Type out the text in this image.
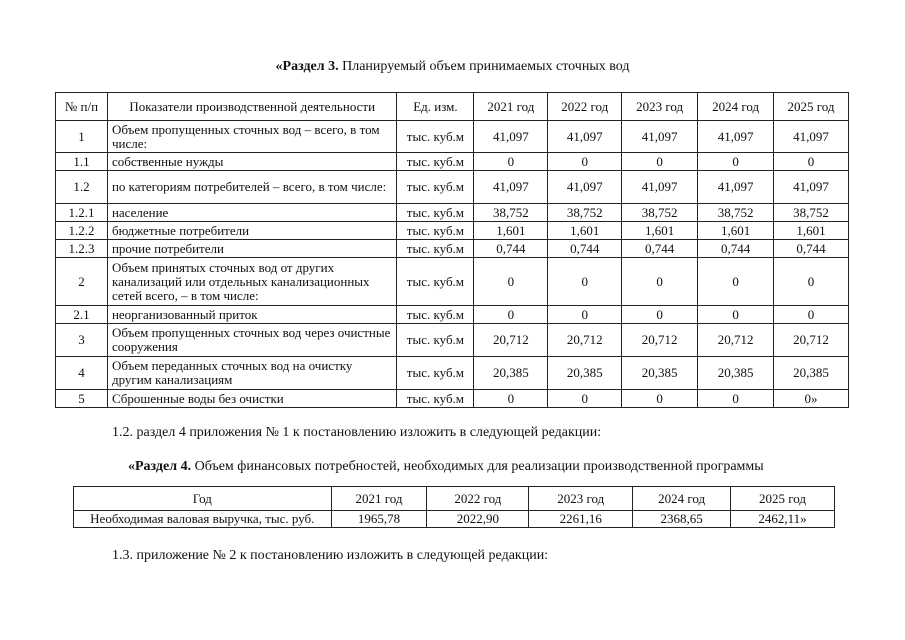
«Раздел 3. Планируемый объем принимаемых сточных вод
№ п/п	Показатели производственной деятельности	Ед. изм.	2021 год	2022 год	2023 год	2024 год	2025 год
1	Объем пропущенных сточных вод – всего, в том числе:	тыс. куб.м	41,097	41,097	41,097	41,097	41,097
1.1	собственные нужды	тыс. куб.м	0	0	0	0	0
1.2	по категориям потребителей – всего, в том числе:	тыс. куб.м	41,097	41,097	41,097	41,097	41,097
1.2.1	население	тыс. куб.м	38,752	38,752	38,752	38,752	38,752
1.2.2	бюджетные потребители	тыс. куб.м	1,601	1,601	1,601	1,601	1,601
1.2.3	прочие потребители	тыс. куб.м	0,744	0,744	0,744	0,744	0,744
2	Объем принятых сточных вод от других канализаций или отдельных канализационных сетей всего, – в том числе:	тыс. куб.м	0	0	0	0	0
2.1	неорганизованный приток	тыс. куб.м	0	0	0	0	0
3	Объем пропущенных сточных вод через очистные сооружения	тыс. куб.м	20,712	20,712	20,712	20,712	20,712
4	Объем переданных сточных вод на очистку другим канализациям	тыс. куб.м	20,385	20,385	20,385	20,385	20,385
5	Сброшенные воды без очистки	тыс. куб.м	0	0	0	0	0»
1.2. раздел 4 приложения № 1 к постановлению изложить в следующей редакции:
«Раздел 4. Объем финансовых потребностей, необходимых для реализации производственной программы
Год	2021 год	2022 год	2023 год	2024 год	2025 год
Необходимая валовая выручка, тыс. руб.	1965,78	2022,90	2261,16	2368,65	2462,11»
1.3. приложение № 2 к постановлению изложить в следующей редакции:
